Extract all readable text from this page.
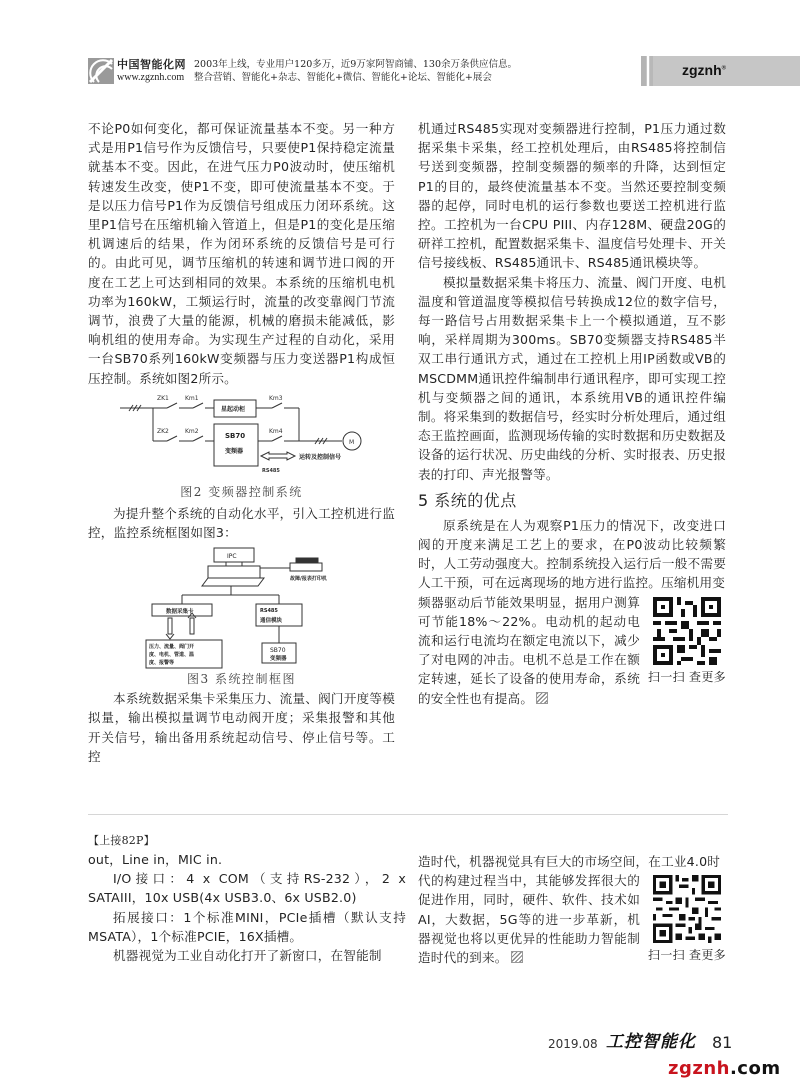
中国智能化网
www.zgznh.com
2003年上线，专业用户120多万，近9万家阿智商铺、130余万条供应信息。
整合营销、智能化+杂志、智能化+微信、智能化+论坛、智能化+展会	zgznh®

不论P0如何变化，都可保证流量基本不变。另一种方式是用P1信号作为反馈信号，只要使P1保持稳定流量就基本不变。因此，在进气压力P0波动时，使压缩机转速发生改变，使P1不变，即可使流量基本不变。于是以压力信号P1作为反馈信号组成压力闭环系统。这里P1信号在压缩机输入管道上，但是P1的变化是压缩机调速后的结果，作为闭环系统的反馈信号是可行的。由此可见，调节压缩机的转速和调节进口阀的开度在工艺上可达到相同的效果。本系统的压缩机电机功率为160kW，工频运行时，流量的改变靠阀门节流调节，浪费了大量的能源，机械的磨损未能减低，影响机组的使用寿命。为实现生产过程的自动化，采用一台SB70系列160kW变频器与压力变送器P1构成恒压控制。系统如图2所示。

ZK1	Km1
ZK2	Km2
Km3
Km4
星起动柜
SB70
变频器
M
RS485
运转及控制信号
图2 变频器控制系统

为提升整个系统的自动化水平，引入工控机进行监控，监控系统框图如图3：

IPC
故障/报表打印机
数据采集卡	RS485
通信模块
压力、流量、阀门开
度、电机、管道、温
度、报警等
SB70
变频器
图3 系统控制框图

本系统数据采集卡采集压力、流量、阀门开度等模拟量，输出模拟量调节电动阀开度；采集报警和其他开关信号，输出备用系统起动信号、停止信号等。工控

机通过RS485实现对变频器进行控制，P1压力通过数据采集卡采集，经工控机处理后，由RS485将控制信号送到变频器，控制变频器的频率的升降，达到恒定P1的目的，最终使流量基本不变。当然还要控制变频器的起停，同时电机的运行参数也要送工控机进行监控。工控机为一台CPU PIII、内存128M、硬盘20G的研祥工控机，配置数据采集卡、温度信号处理卡、开关信号接线板、RS485通讯卡、RS485通讯模块等。

模拟量数据采集卡将压力、流量、阀门开度、电机温度和管道温度等模拟信号转换成12位的数字信号，每一路信号占用数据采集卡上一个模拟通道，互不影响，采样周期为300ms。SB70变频器支持RS485半双工串行通讯方式，通过在工控机上用IP函数或VB的MSCDMM通讯控件编制串行通讯程序，即可实现工控机与变频器之间的通讯，本系统用VB的通讯控件编制。将采集到的数据信号，经实时分析处理后，通过组态王监控画面，监测现场传输的实时数据和历史数据及设备的运行状况、历史曲线的分析、实时报表、历史报表的打印、声光报警等。

5 系统的优点

原系统是在人为观察P1压力的情况下，改变进口阀的开度来满足工艺上的要求，在P0波动比较频繁时，人工劳动强度大。控制系统投入运行后一般不需要人工干预，可在远离现场的地方进行监控。压缩机用变

扫一扫 查更多

频器驱动后节能效果明显，据用户测算可节能18%～22%。电动机的起动电流和运行电流均在额定电流以下，减少了对电网的冲击。电机不总是工作在额定转速，延长了设备的使用寿命，系统的安全性也有提高。

【上接82P】

out，Line in，MIC in.

I/O接口：4 x COM（支持RS-232），2 x SATAIII，10x USB(4x USB3.0、6x USB2.0)

拓展接口：1个标准MINI，PCIe插槽（默认支持MSATA），1个标准PCIE，16X插槽。

机器视觉为工业自动化打开了新窗口，在智能制

造时代，机器视觉具有巨大的市场空间，在工业4.0时

扫一扫 查更多

代的构建过程当中，其能够发挥很大的促进作用，同时，硬件、软件、技术如 AI，大数据，5G等的进一步革新，机器视觉也将以更优异的性能助力智能制造时代的到来。

2019.08 工控智能化 81
zgznh.com
